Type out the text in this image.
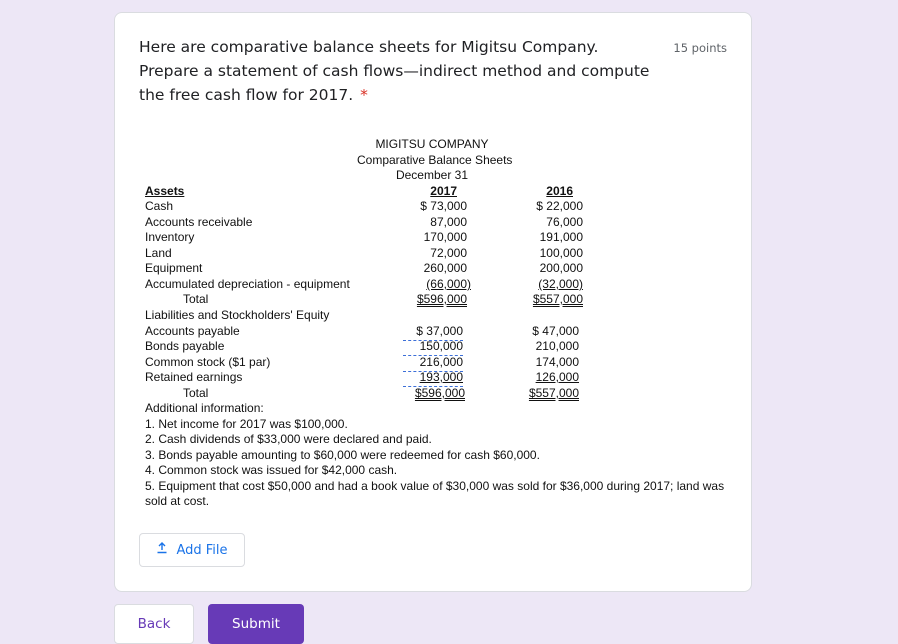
Here are comparative balance sheets for Migitsu Company. Prepare a statement of cash flows—indirect method and compute the free cash flow for 2017. *
15 points
MIGITSU COMPANY
Comparative Balance Sheets
December 31
Assets	2017	2016
Cash	$ 73,000	$ 22,000
Accounts receivable	87,000	76,000
Inventory	170,000	191,000
Land	72,000	100,000
Equipment	260,000	200,000
Accumulated depreciation - equipment	(66,000)	(32,000)
Total	$596,000	$557,000
Liabilities and Stockholders' Equity
Accounts payable	$ 37,000	$ 47,000
Bonds payable	150,000	210,000
Common stock ($1 par)	216,000	174,000
Retained earnings	193,000	126,000
Total	$596,000	$557,000
Additional information:
1. Net income for 2017 was $100,000.
2. Cash dividends of $33,000 were declared and paid.
3. Bonds payable amounting to $60,000 were redeemed for cash $60,000.
4. Common stock was issued for $42,000 cash.
5. Equipment that cost $50,000 and had a book value of $30,000 was sold for $36,000 during 2017; land was
sold at cost.
Add File
Back	Submit
